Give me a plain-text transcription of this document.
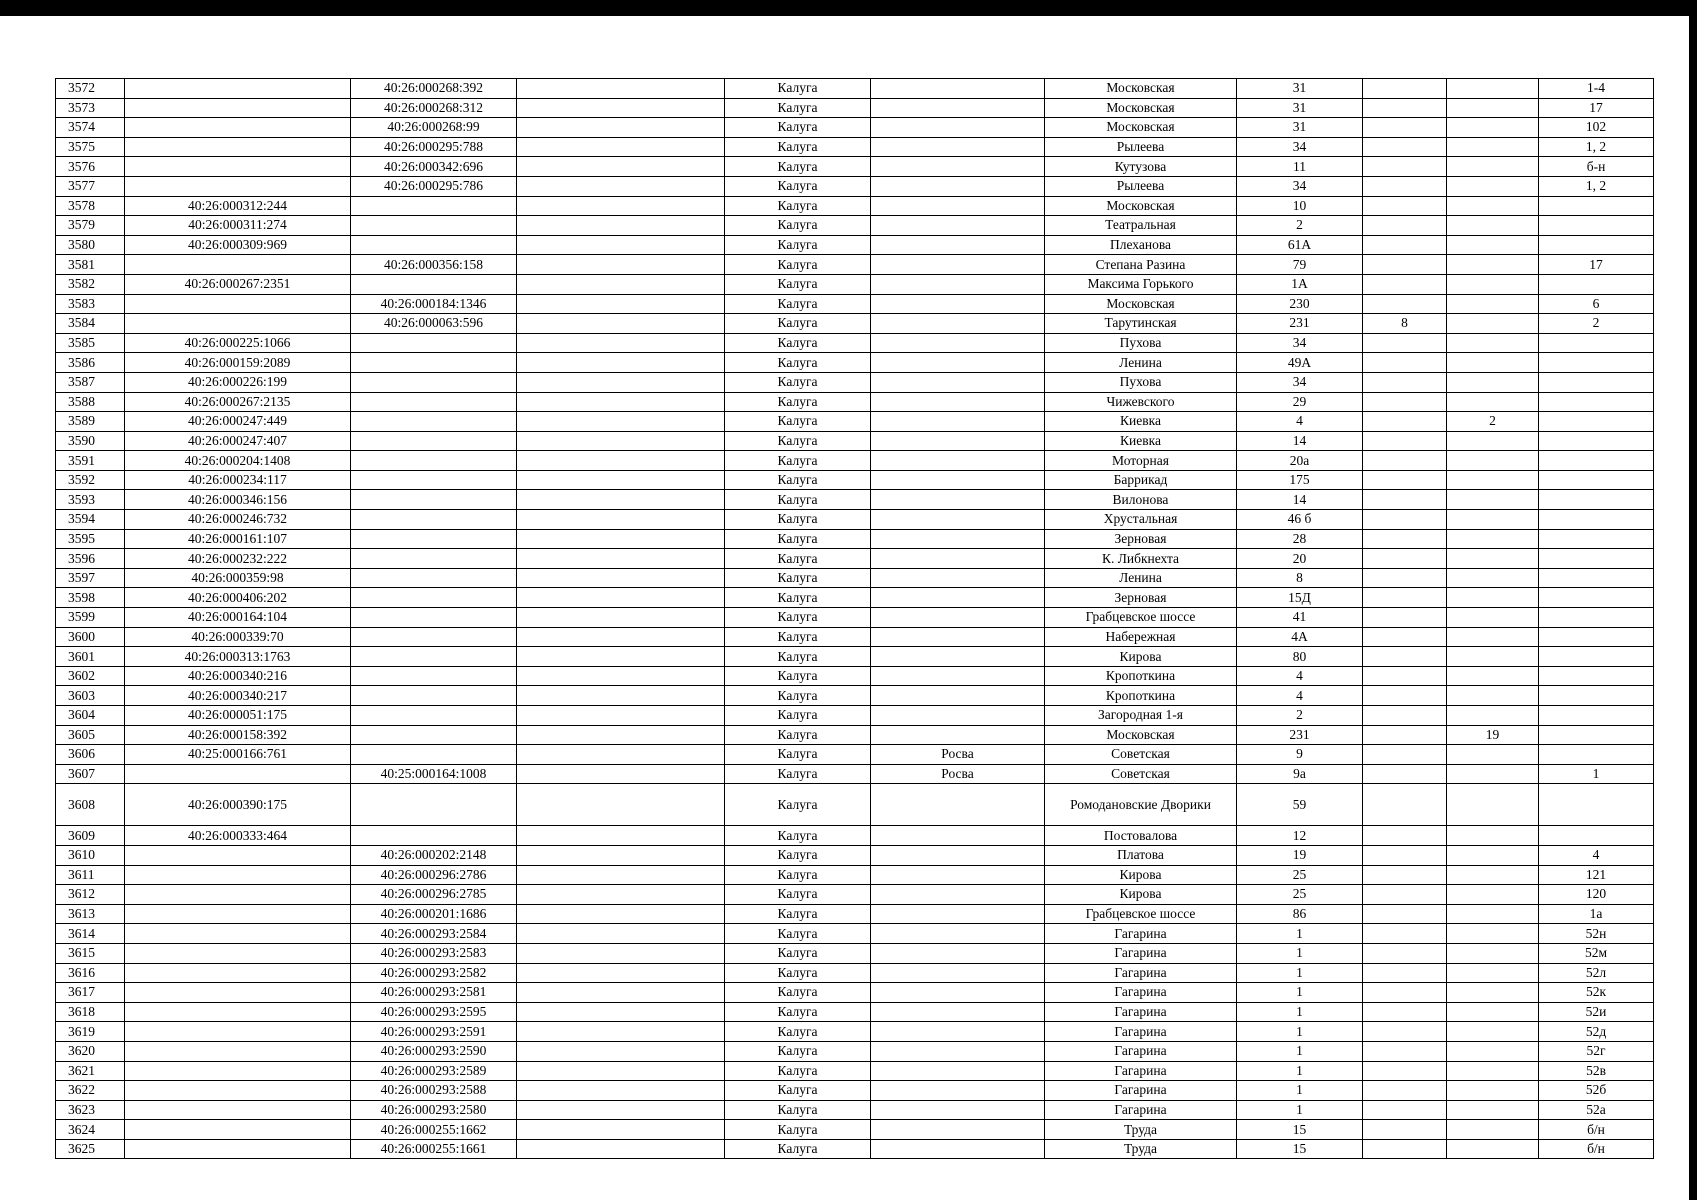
3572		40:26:000268:392		Калуга		Московская	31			1-4
3573		40:26:000268:312		Калуга		Московская	31			17
3574		40:26:000268:99		Калуга		Московская	31			102
3575		40:26:000295:788		Калуга		Рылеева	34			1, 2
3576		40:26:000342:696		Калуга		Кутузова	11			б-н
3577		40:26:000295:786		Калуга		Рылеева	34			1, 2
3578	40:26:000312:244			Калуга		Московская	10			
3579	40:26:000311:274			Калуга		Театральная	2			
3580	40:26:000309:969			Калуга		Плеханова	61А			
3581		40:26:000356:158		Калуга		Степана Разина	79			17
3582	40:26:000267:2351			Калуга		Максима Горького	1А			
3583		40:26:000184:1346		Калуга		Московская	230			6
3584		40:26:000063:596		Калуга		Тарутинская	231	8		2
3585	40:26:000225:1066			Калуга		Пухова	34			
3586	40:26:000159:2089			Калуга		Ленина	49А			
3587	40:26:000226:199			Калуга		Пухова	34			
3588	40:26:000267:2135			Калуга		Чижевского	29			
3589	40:26:000247:449			Калуга		Киевка	4		2	
3590	40:26:000247:407			Калуга		Киевка	14			
3591	40:26:000204:1408			Калуга		Моторная	20а			
3592	40:26:000234:117			Калуга		Баррикад	175			
3593	40:26:000346:156			Калуга		Вилонова	14			
3594	40:26:000246:732			Калуга		Хрустальная	46 б			
3595	40:26:000161:107			Калуга		Зерновая	28			
3596	40:26:000232:222			Калуга		К. Либкнехта	20			
3597	40:26:000359:98			Калуга		Ленина	8			
3598	40:26:000406:202			Калуга		Зерновая	15Д			
3599	40:26:000164:104			Калуга		Грабцевское шоссе	41			
3600	40:26:000339:70			Калуга		Набережная	4А			
3601	40:26:000313:1763			Калуга		Кирова	80			
3602	40:26:000340:216			Калуга		Кропоткина	4			
3603	40:26:000340:217			Калуга		Кропоткина	4			
3604	40:26:000051:175			Калуга		Загородная 1-я	2			
3605	40:26:000158:392			Калуга		Московская	231		19	
3606	40:25:000166:761			Калуга	Росва	Советская	9			
3607		40:25:000164:1008		Калуга	Росва	Советская	9а			1
3608	40:26:000390:175			Калуга		Ромодановские Дворики	59			
3609	40:26:000333:464			Калуга		Постовалова	12			
3610		40:26:000202:2148		Калуга		Платова	19			4
3611		40:26:000296:2786		Калуга		Кирова	25			121
3612		40:26:000296:2785		Калуга		Кирова	25			120
3613		40:26:000201:1686		Калуга		Грабцевское шоссе	86			1а
3614		40:26:000293:2584		Калуга		Гагарина	1			52н
3615		40:26:000293:2583		Калуга		Гагарина	1			52м
3616		40:26:000293:2582		Калуга		Гагарина	1			52л
3617		40:26:000293:2581		Калуга		Гагарина	1			52к
3618		40:26:000293:2595		Калуга		Гагарина	1			52и
3619		40:26:000293:2591		Калуга		Гагарина	1			52д
3620		40:26:000293:2590		Калуга		Гагарина	1			52г
3621		40:26:000293:2589		Калуга		Гагарина	1			52в
3622		40:26:000293:2588		Калуга		Гагарина	1			52б
3623		40:26:000293:2580		Калуга		Гагарина	1			52а
3624		40:26:000255:1662		Калуга		Труда	15			б/н
3625		40:26:000255:1661		Калуга		Труда	15			б/н
